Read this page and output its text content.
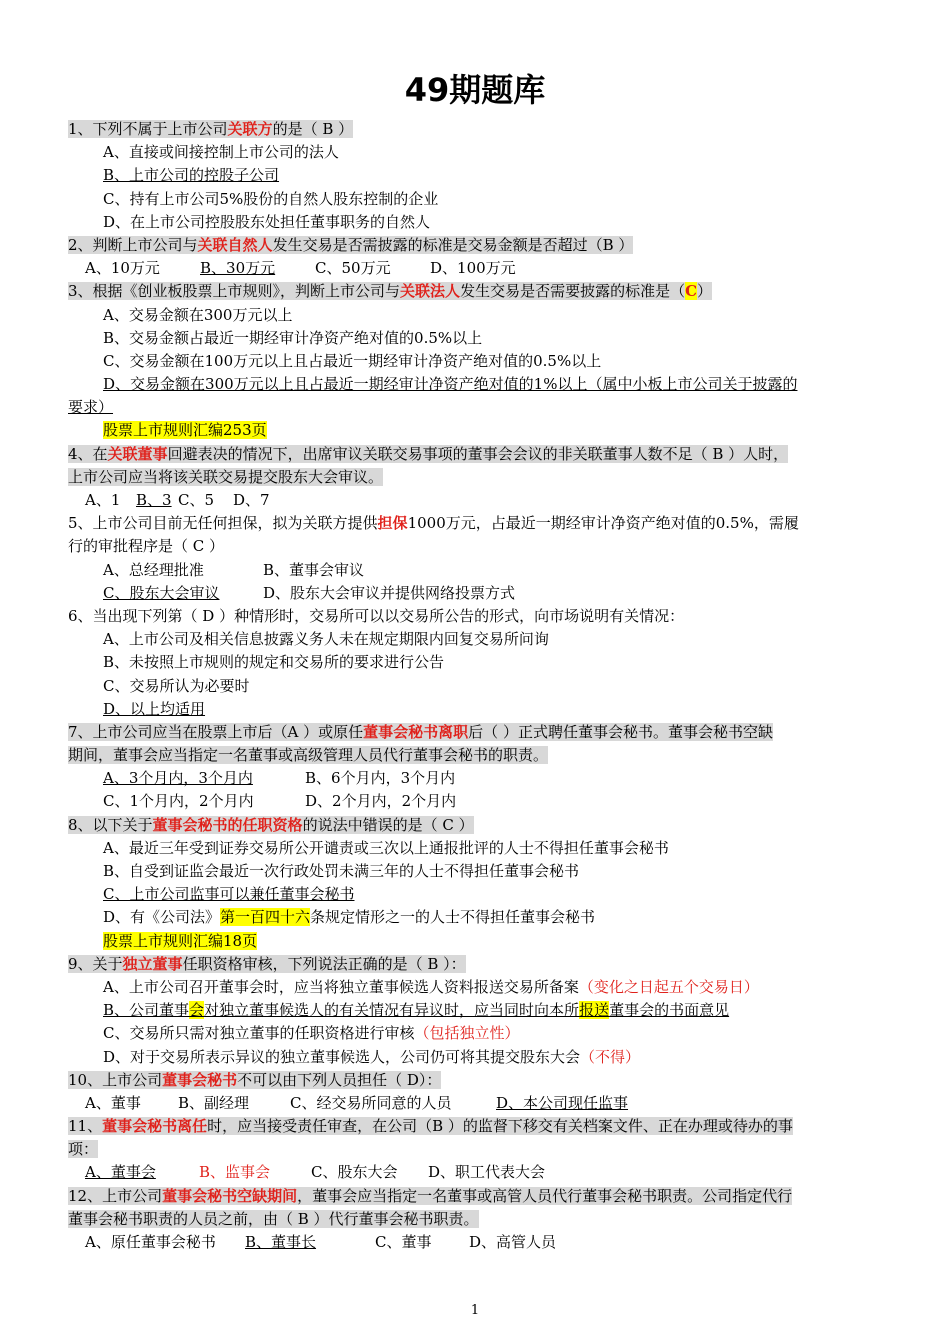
49期题库
1、下列不属于上市公司关联方的是（ B ）
A、直接或间接控制上市公司的法人
B、上市公司的控股子公司
C、持有上市公司5%股份的自然人股东控制的企业
D、在上市公司控股股东处担任董事职务的自然人
2、判断上市公司与关联自然人发生交易是否需披露的标准是交易金额是否超过（B ）
A、10万元	B、30万元	C、50万元	D、100万元
3、根据《创业板股票上市规则》，判断上市公司与关联法人发生交易是否需要披露的标准是（C）
A、交易金额在300万元以上
B、交易金额占最近一期经审计净资产绝对值的0.5%以上
C、交易金额在100万元以上且占最近一期经审计净资产绝对值的0.5%以上
D、交易金额在300万元以上且占最近一期经审计净资产绝对值的1%以上（属中小板上市公司关于披露的
要求）
股票上市规则汇编253页
4、在关联董事回避表决的情况下，出席审议关联交易事项的董事会会议的非关联董事人数不足（ B ）人时，
上市公司应当将该关联交易提交股东大会审议。
A、1 B、3 C、5 D、7
5、上市公司目前无任何担保，拟为关联方提供担保1000万元，占最近一期经审计净资产绝对值的0.5%，需履
行的审批程序是（ C ）
A、总经理批准	B、董事会审议
C、股东大会审议	D、股东大会审议并提供网络投票方式
6、当出现下列第（ D ）种情形时，交易所可以以交易所公告的形式，向市场说明有关情况：
A、上市公司及相关信息披露义务人未在规定期限内回复交易所问询
B、未按照上市规则的规定和交易所的要求进行公告
C、交易所认为必要时
D、以上均适用
7、上市公司应当在股票上市后（A ）或原任董事会秘书离职后（ ）正式聘任董事会秘书。董事会秘书空缺
期间，董事会应当指定一名董事或高级管理人员代行董事会秘书的职责。
A、3个月内，3个月内	B、6个月内，3个月内
C、1个月内，2个月内	D、2个月内，2个月内
8、以下关于董事会秘书的任职资格的说法中错误的是（ C ）
A、最近三年受到证券交易所公开谴责或三次以上通报批评的人士不得担任董事会秘书
B、自受到证监会最近一次行政处罚未满三年的人士不得担任董事会秘书
C、上市公司监事可以兼任董事会秘书
D、有《公司法》第一百四十六条规定情形之一的人士不得担任董事会秘书
股票上市规则汇编18页
9、关于独立董事任职资格审核，下列说法正确的是（ B ）：
A、上市公司召开董事会时，应当将独立董事候选人资料报送交易所备案（变化之日起五个交易日）
B、公司董事会对独立董事候选人的有关情况有异议时，应当同时向本所报送董事会的书面意见
C、交易所只需对独立董事的任职资格进行审核（包括独立性）
D、对于交易所表示异议的独立董事候选人，公司仍可将其提交股东大会（不得）
10、上市公司董事会秘书不可以由下列人员担任（ D）：
A、董事 B、副经理	C、经交易所同意的人员	D、本公司现任监事
11、董事会秘书离任时，应当接受责任审查，在公司（B ）的监督下移交有关档案文件、正在办理或待办的事
项：
A、董事会	B、监事会	C、股东大会 D、职工代表大会
12、上市公司董事会秘书空缺期间，董事会应当指定一名董事或高管人员代行董事会秘书职责。公司指定代行
董事会秘书职责的人员之前，由（ B ）代行董事会秘书职责。
A、原任董事会秘书 B、董事长	C、董事	D、高管人员
1
